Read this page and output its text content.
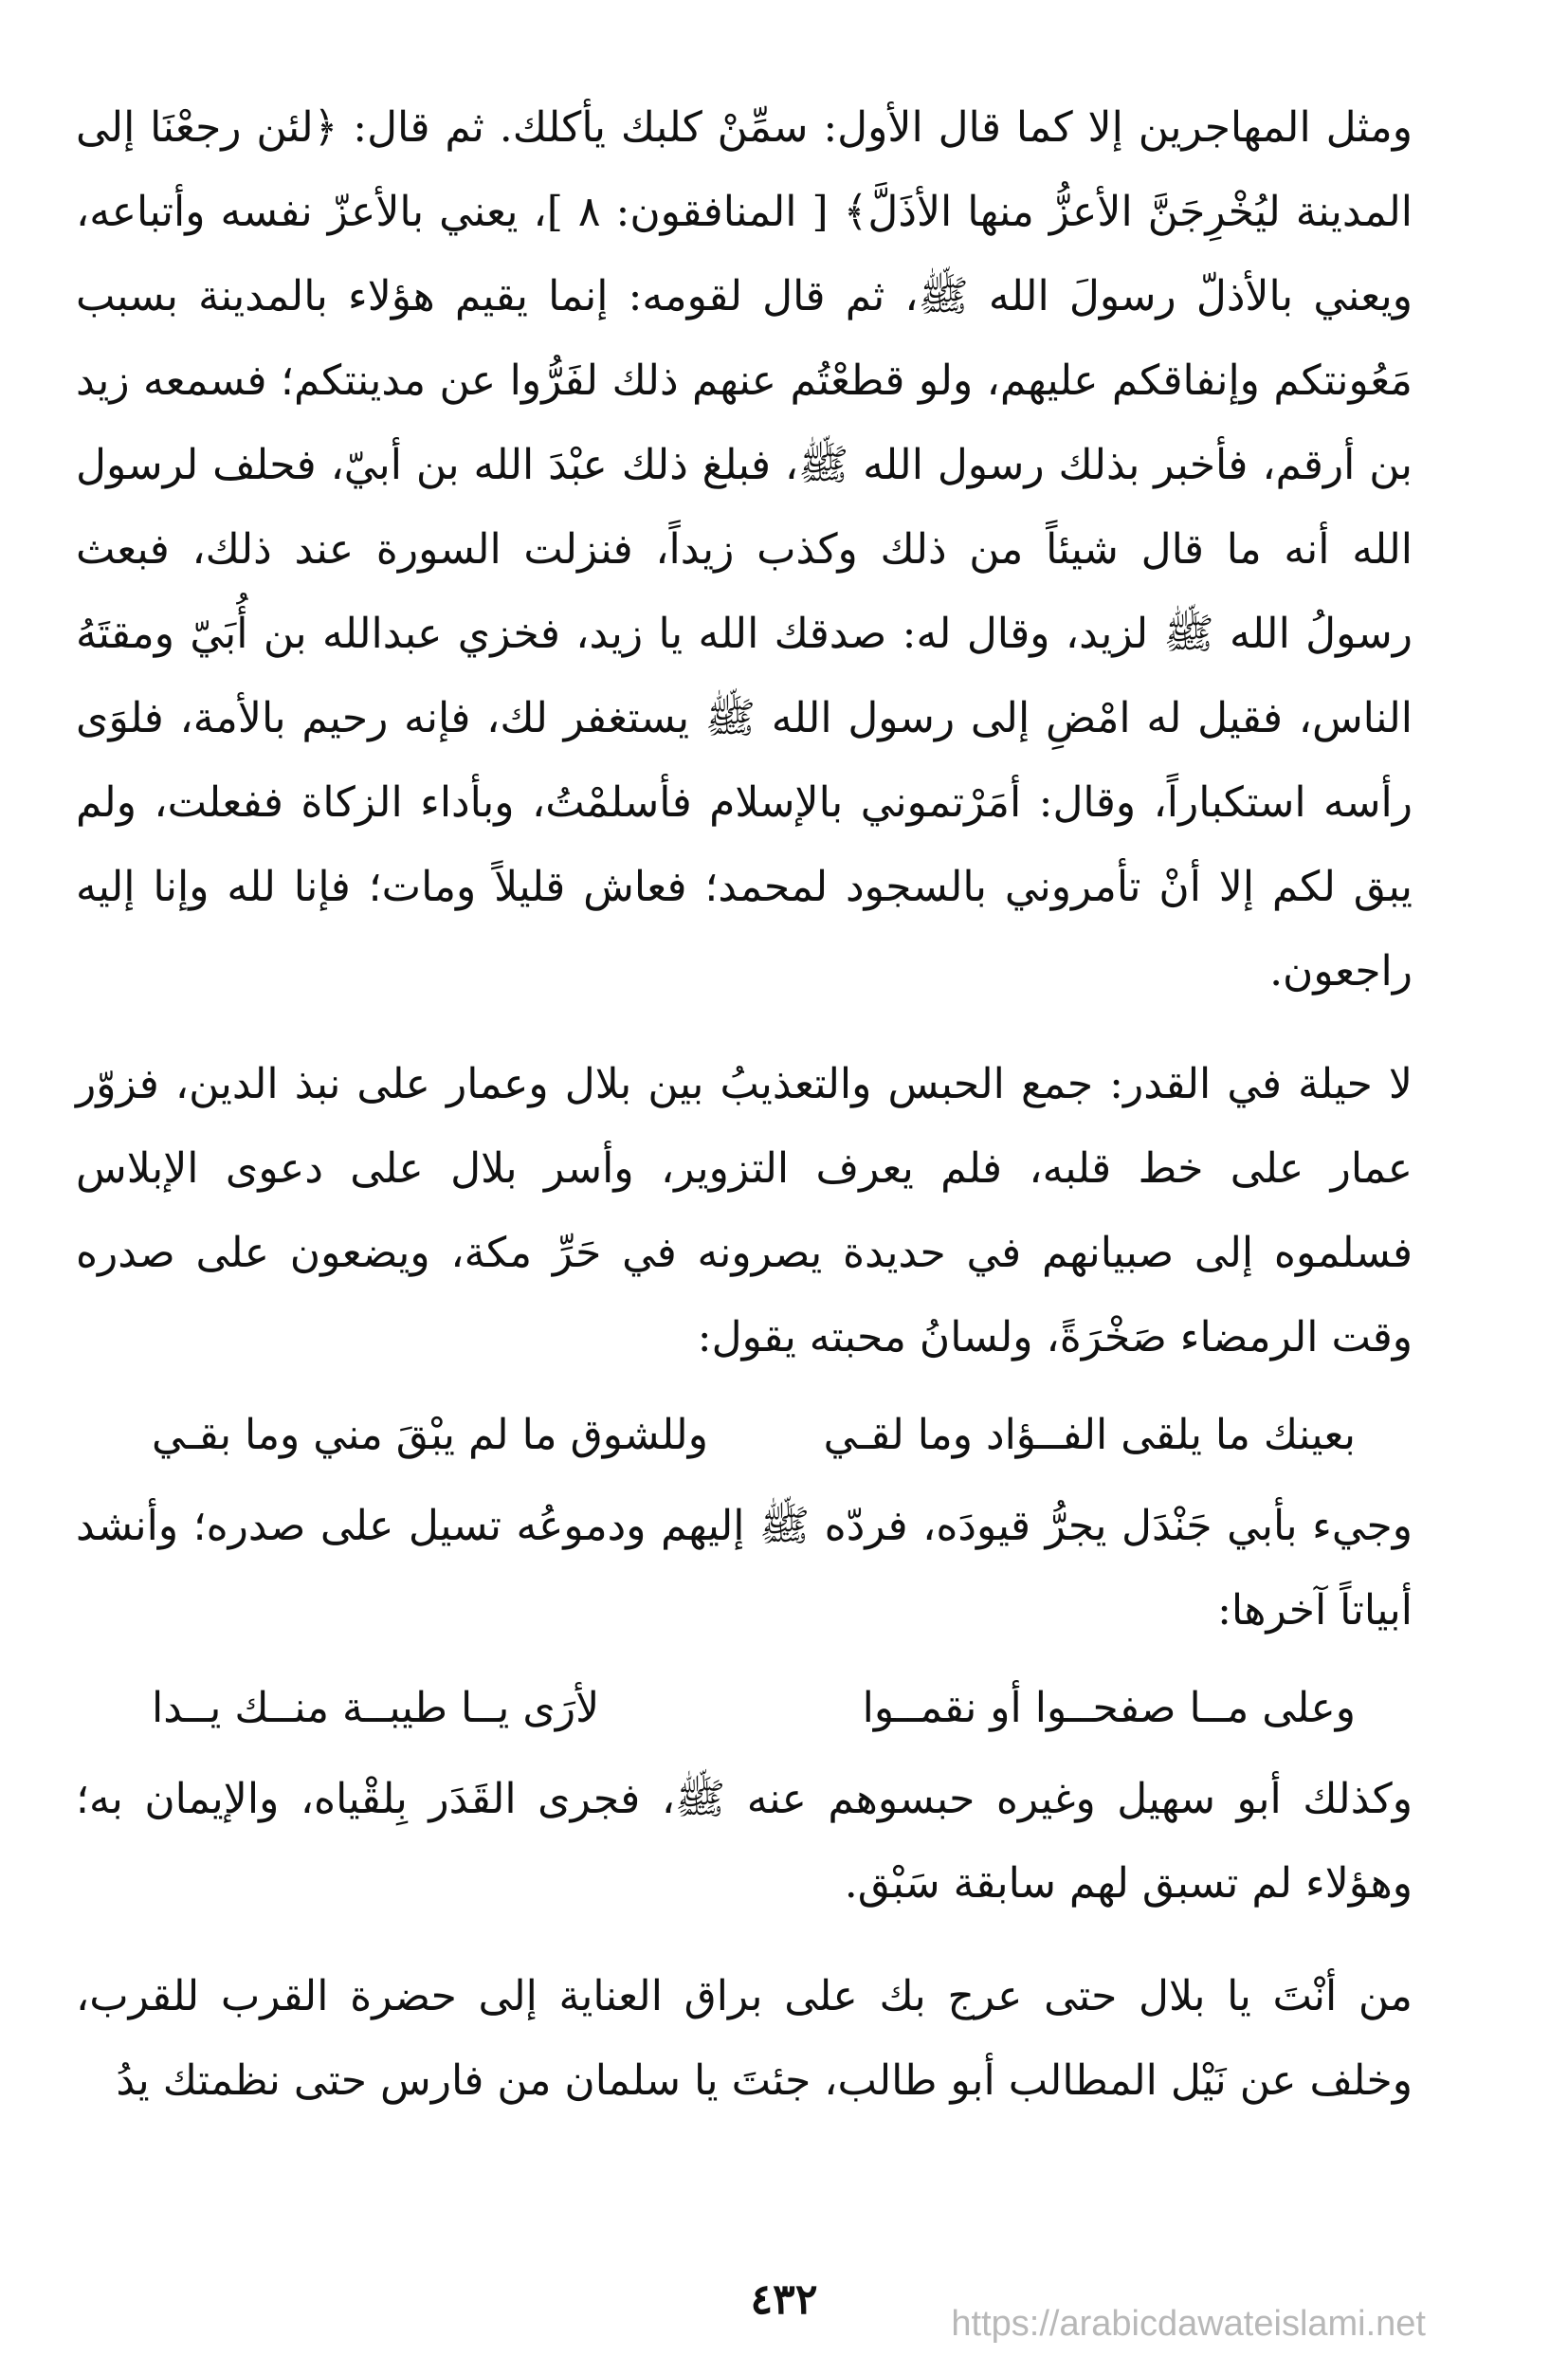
ومثل المهاجرين إلا كما قال الأول: سمِّنْ كلبك يأكلك. ثم قال: ﴿لئن رجعْنَا إلى المدينة ليُخْرِجَنَّ الأعزُّ منها الأذَلَّ﴾ [ المنافقون: ٨ ]، يعني بالأعزّ نفسه وأتباعه، ويعني بالأذلّ رسولَ الله ﷺ، ثم قال لقومه: إنما يقيم هؤلاء بالمدينة بسبب مَعُونتكم وإنفاقكم عليهم، ولو قطعْتُم عنهم ذلك لفَرُّوا عن مدينتكم؛ فسمعه زيد بن أرقم، فأخبر بذلك رسول الله ﷺ، فبلغ ذلك عبْدَ الله بن أبيّ، فحلف لرسول الله أنه ما قال شيئاً من ذلك وكذب زيداً، فنزلت السورة عند ذلك، فبعث رسولُ الله ﷺ لزيد، وقال له: صدقك الله يا زيد، فخزي عبدالله بن أُبَيّ ومقتَهُ الناس، فقيل له امْضِ إلى رسول الله ﷺ يستغفر لك، فإنه رحيم بالأمة، فلوَى رأسه استكباراً، وقال: أمَرْتموني بالإسلام فأسلمْتُ، وبأداء الزكاة ففعلت، ولم يبق لكم إلا أنْ تأمروني بالسجود لمحمد؛ فعاش قليلاً ومات؛ فإنا لله وإنا إليه راجعون.

لا حيلة في القدر: جمع الحبس والتعذيبُ بين بلال وعمار على نبذ الدين، فزوّر عمار على خط قلبه، فلم يعرف التزوير، وأسر بلال على دعوى الإبلاس فسلموه إلى صبيانهم في حديدة يصرونه في حَرِّ مكة، ويضعون على صدره وقت الرمضاء صَخْرَةً، ولسانُ محبته يقول:

بعينك ما يلقى الفــؤاد وما لقـي
وللشوق ما لم يبْقَ مني وما بقـي

وجيء بأبي جَنْدَل يجرُّ قيودَه، فردّه ﷺ إليهم ودموعُه تسيل على صدره؛ وأنشد أبياتاً آخرها:

وعلى مــا صفحــوا أو نقمــوا
لأرَى يــا طيبــة منــك يــدا

وكذلك أبو سهيل وغيره حبسوهم عنه ﷺ، فجرى القَدَر بِلقْياه، والإيمان به؛ وهؤلاء لم تسبق لهم سابقة سَبْق.

من أنْتَ يا بلال حتى عرج بك على براق العناية إلى حضرة القرب للقرب، وخلف عن نَيْل المطالب أبو طالب، جئتَ يا سلمان من فارس حتى نظمتك يدُ

٤٣٢	https://arabicdawateislami.net
